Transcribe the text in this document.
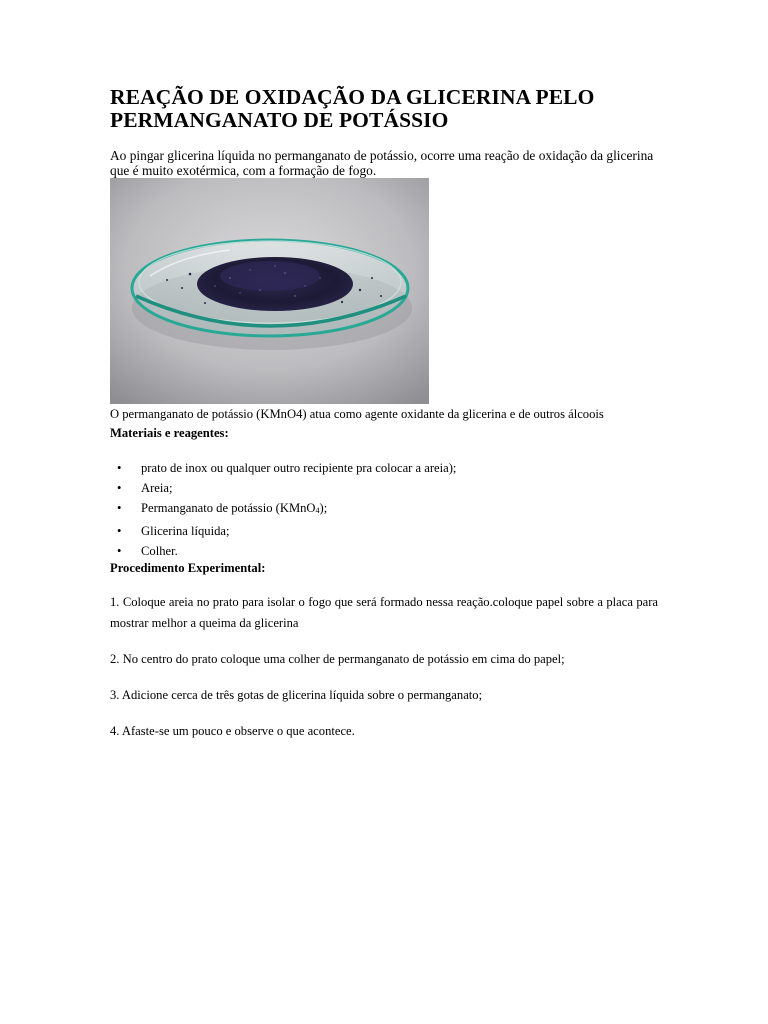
REAÇÃO DE OXIDAÇÃO DA GLICERINA PELO PERMANGANATO DE POTÁSSIO

Ao pingar glicerina líquida no permanganato de potássio, ocorre uma reação de oxidação da glicerina que é muito exotérmica, com a formação de fogo.

O permanganato de potássio (KMnO4) atua como agente oxidante da glicerina e de outros álcoois

Materiais e reagentes:

• prato de inox ou qualquer outro recipiente pra colocar a areia);
• Areia;
• Permanganato de potássio (KMnO$_4$);
• Glicerina líquida;
• Colher.

Procedimento Experimental:

1. Coloque areia no prato para isolar o fogo que será formado nessa reação.coloque papel sobre a placa para mostrar melhor a queima da glicerina

2. No centro do prato coloque uma colher de permanganato de potássio em cima do papel;

3. Adicione cerca de três gotas de glicerina líquida sobre o permanganato;

4. Afaste-se um pouco e observe o que acontece.
